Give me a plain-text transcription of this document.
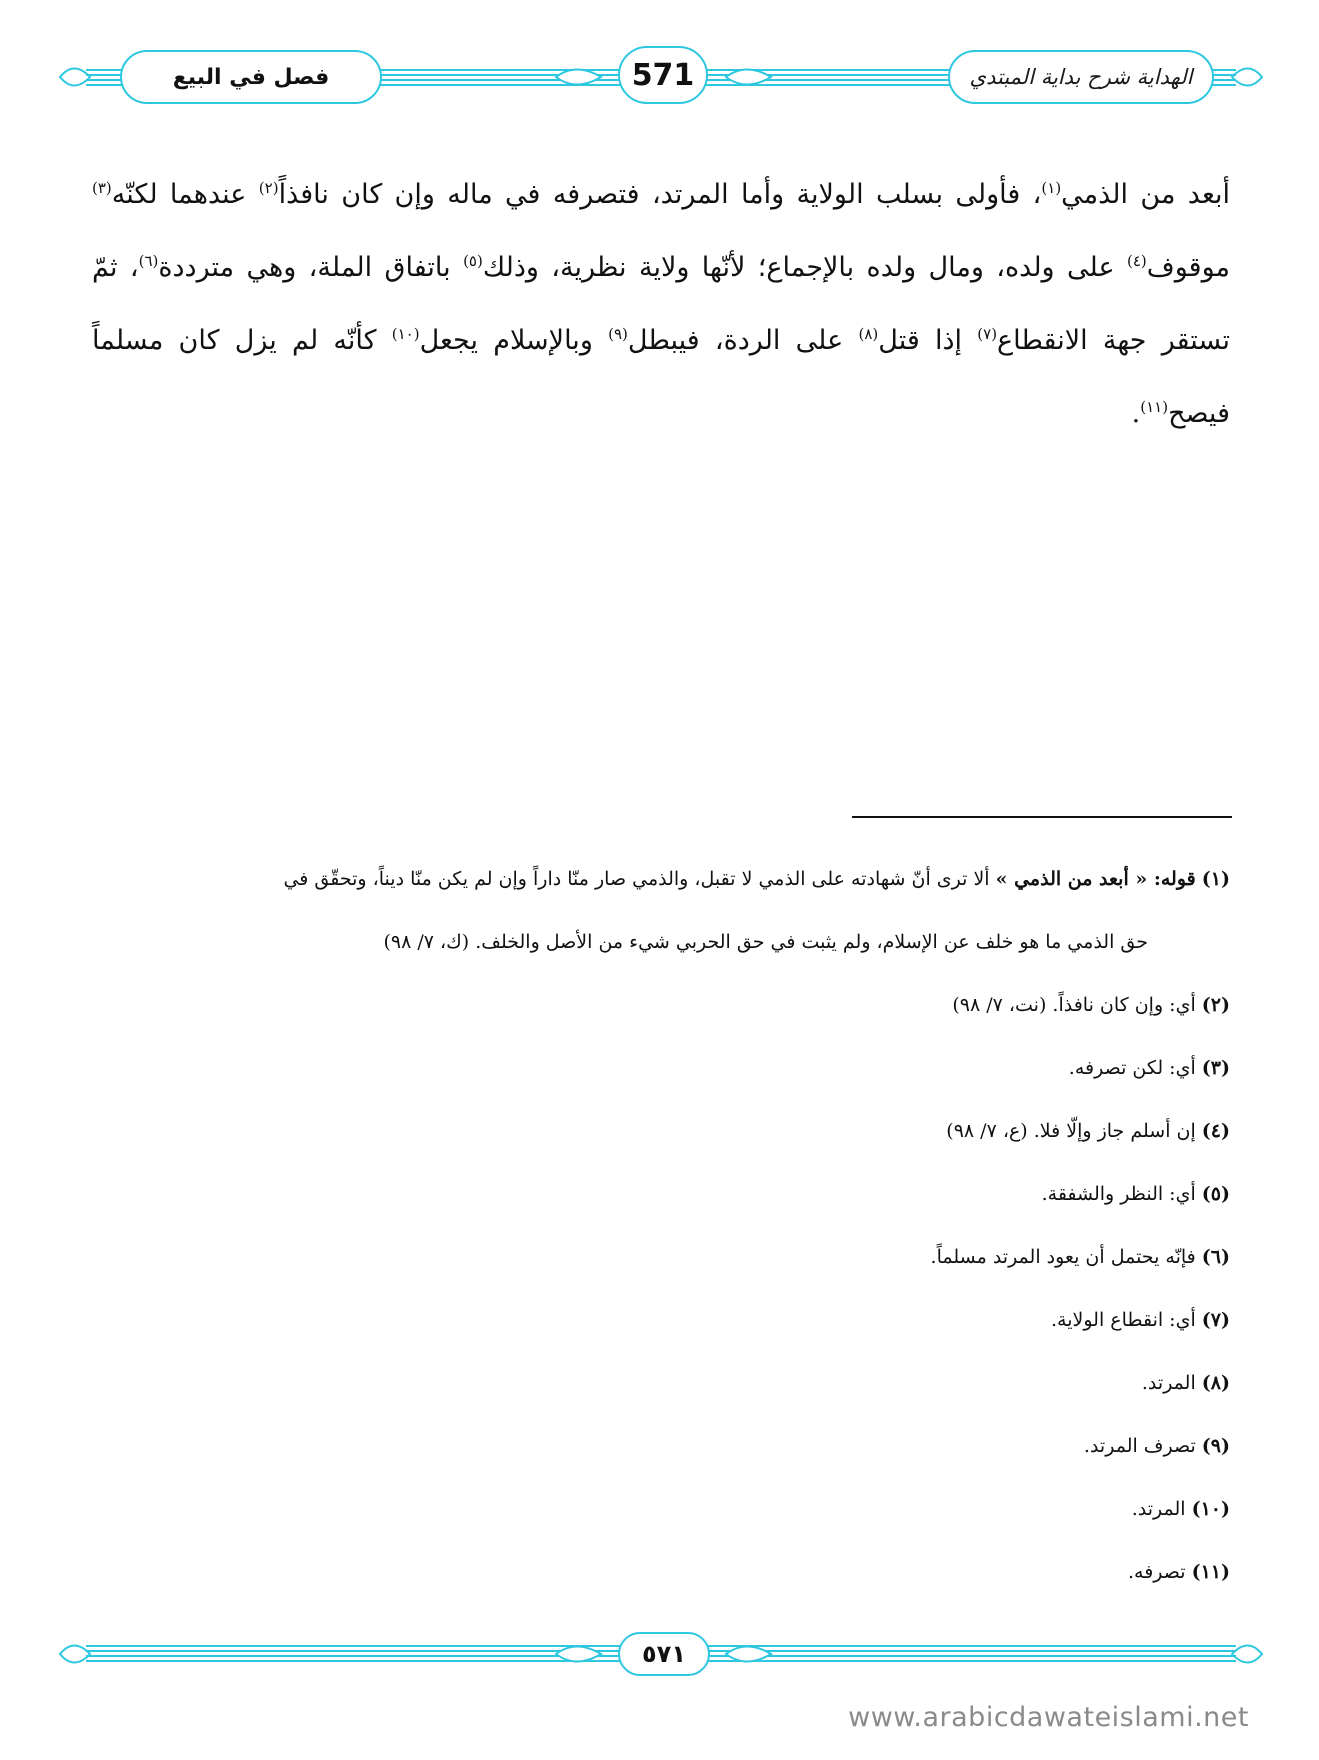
فصل في البيع	571	الهداية شرح بداية المبتدي
أبعد من الذمي$^{(١)}$، فأولى بسلب الولاية وأما المرتد، فتصرفه في ماله وإن كان نافذاً$^{(٢)}$ عندهما لكنّه$^{(٣)}$ موقوف$^{(٤)}$ على ولده، ومال ولده بالإجماع؛ لأنّها ولاية نظرية، وذلك$^{(٥)}$ باتفاق الملة، وهي مترددة$^{(٦)}$، ثمّ تستقر جهة الانقطاع$^{(٧)}$ إذا قتل$^{(٨)}$ على الردة، فيبطل$^{(٩)}$ وبالإسلام يجعل$^{(١٠)}$ كأنّه لم يزل كان مسلماً فيصح$^{(١١)}$.
(١) قوله: « أبعد من الذمي » ألا ترى أنّ شهادته على الذمي لا تقبل، والذمي صار منّا داراً وإن لم يكن منّا ديناً، وتحقّق في
حق الذمي ما هو خلف عن الإسلام، ولم يثبت في حق الحربي شيء من الأصل والخلف. (ك، ٧/ ٩٨)
(٢) أي: وإن كان نافذاً. (نت، ٧/ ٩٨)
(٣) أي: لكن تصرفه.
(٤) إن أسلم جاز وإلّا فلا. (ع، ٧/ ٩٨)
(٥) أي: النظر والشفقة.
(٦) فإنّه يحتمل أن يعود المرتد مسلماً.
(٧) أي: انقطاع الولاية.
(٨) المرتد.
(٩) تصرف المرتد.
(١٠) المرتد.
(١١) تصرفه.
٥٧١
www.arabicdawateislami.net
